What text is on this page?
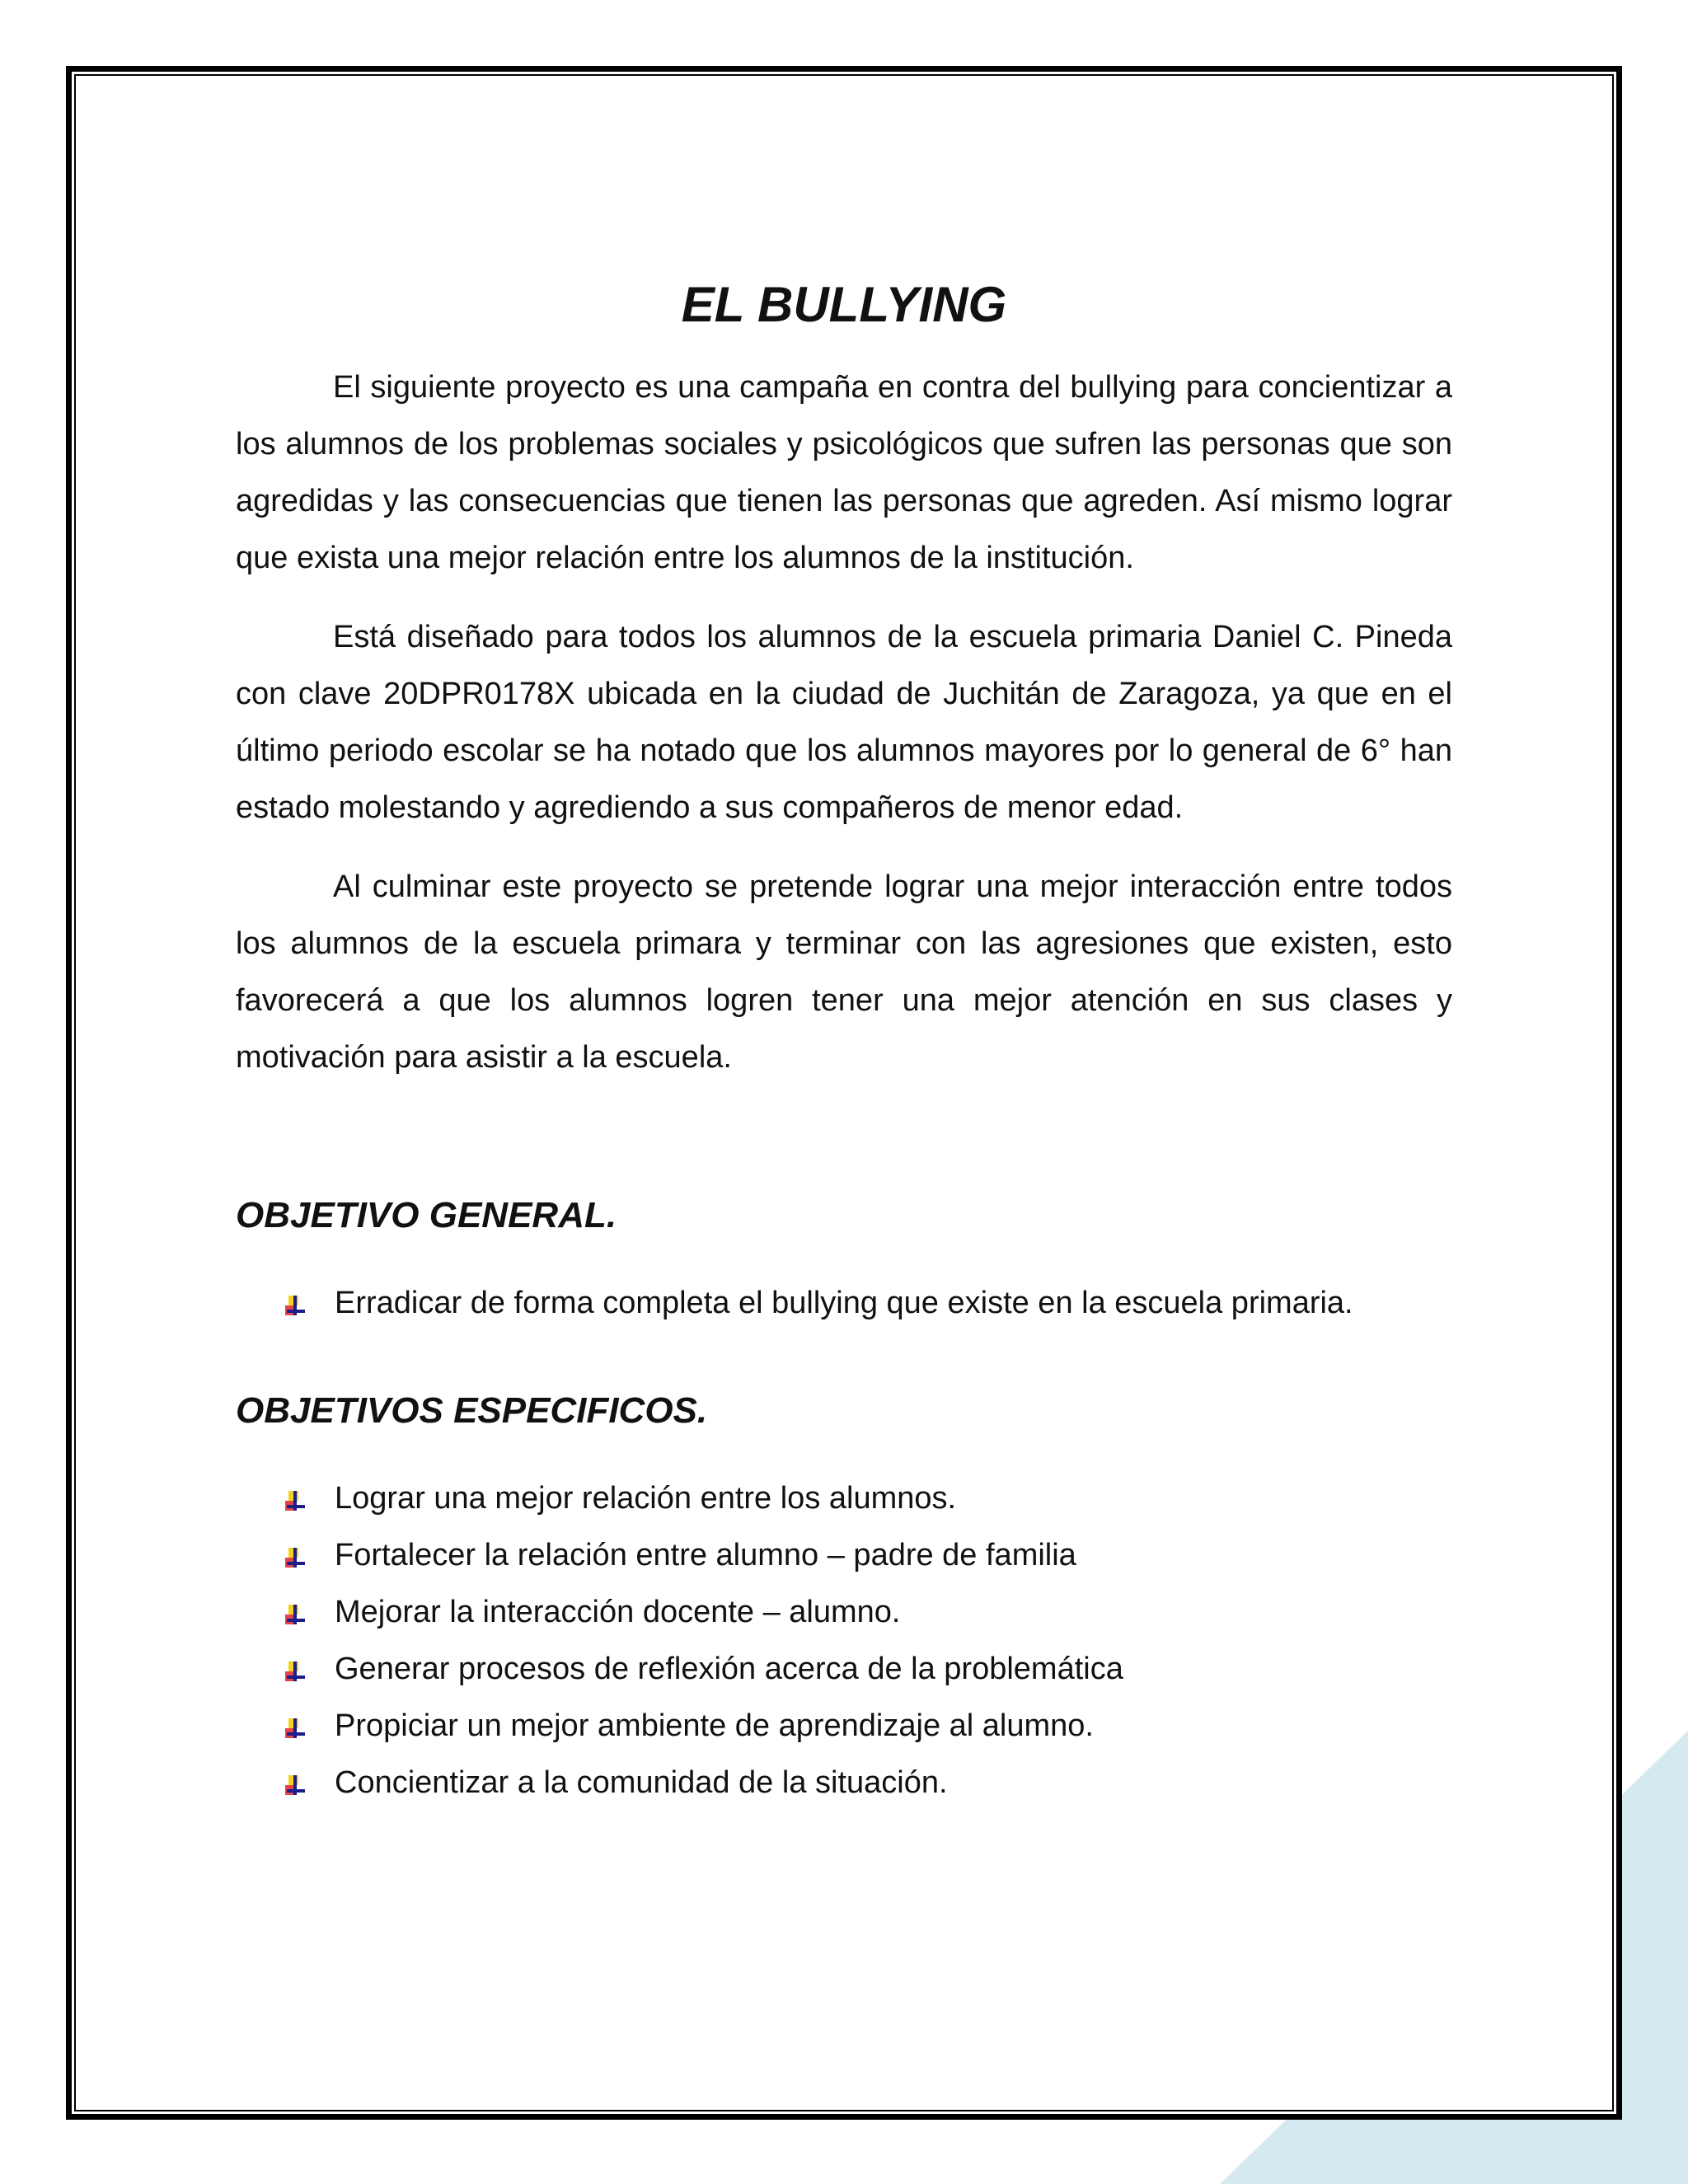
3
EL BULLYING

El siguiente proyecto es una campaña en contra del bullying para concientizar a los alumnos de los problemas sociales y psicológicos que sufren las personas que son agredidas y las consecuencias que tienen las personas que agreden. Así mismo lograr que exista una mejor relación entre los alumnos de la institución.

Está diseñado para todos los alumnos de la escuela primaria Daniel C. Pineda con clave 20DPR0178X ubicada en la ciudad de Juchitán de Zaragoza, ya que en el último periodo escolar se ha notado que los alumnos mayores por lo general de 6° han estado molestando y agrediendo a sus compañeros de menor edad.

Al culminar este proyecto se pretende lograr una mejor interacción entre todos los alumnos de la escuela primara y terminar con las agresiones que existen, esto favorecerá a que los alumnos logren tener una mejor atención en sus clases y motivación para asistir a la escuela.

OBJETIVO GENERAL.
Erradicar de forma completa el bullying que existe en la escuela primaria.
OBJETIVOS ESPECIFICOS.
Lograr una mejor relación entre los alumnos.
Fortalecer la relación entre alumno – padre de familia
Mejorar la interacción docente – alumno.
Generar procesos de reflexión acerca de la problemática
Propiciar un mejor ambiente de aprendizaje al alumno.
Concientizar a la comunidad de la situación.
